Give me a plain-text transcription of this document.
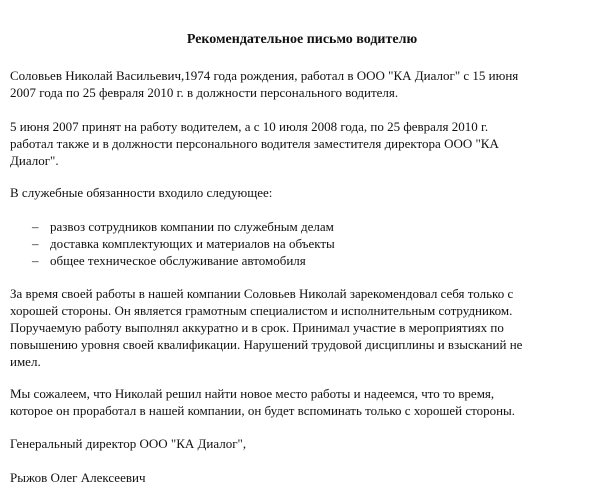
Рекомендательное письмо водителю

Соловьев Николай Васильевич,1974 года рождения, работал в ООО "КА Диалог" с 15 июня
2007 года по 25 февраля 2010 г. в должности персонального водителя.

5 июня 2007 принят на работу водителем, а с 10 июля 2008 года, по 25 февраля 2010 г.
работал также и в должности персонального водителя заместителя директора ООО "КА
Диалог".

В служебные обязанности входило следующее:

– развоз сотрудников компании по служебным делам
– доставка комплектующих и материалов на объекты
– общее техническое обслуживание автомобиля

За время своей работы в нашей компании Соловьев Николай зарекомендовал себя только с
хорошей стороны. Он является грамотным специалистом и исполнительным сотрудником.
Поручаемую работу выполнял аккуратно и в срок. Принимал участие в мероприятиях по
повышению уровня своей квалификации. Нарушений трудовой дисциплины и взысканий не
имел.

Мы сожалеем, что Николай решил найти новое место работы и надеемся, что то время,
которое он проработал в нашей компании, он будет вспоминать только с хорошей стороны.

Генеральный директор ООО "КА Диалог",

Рыжов Олег Алексеевич
